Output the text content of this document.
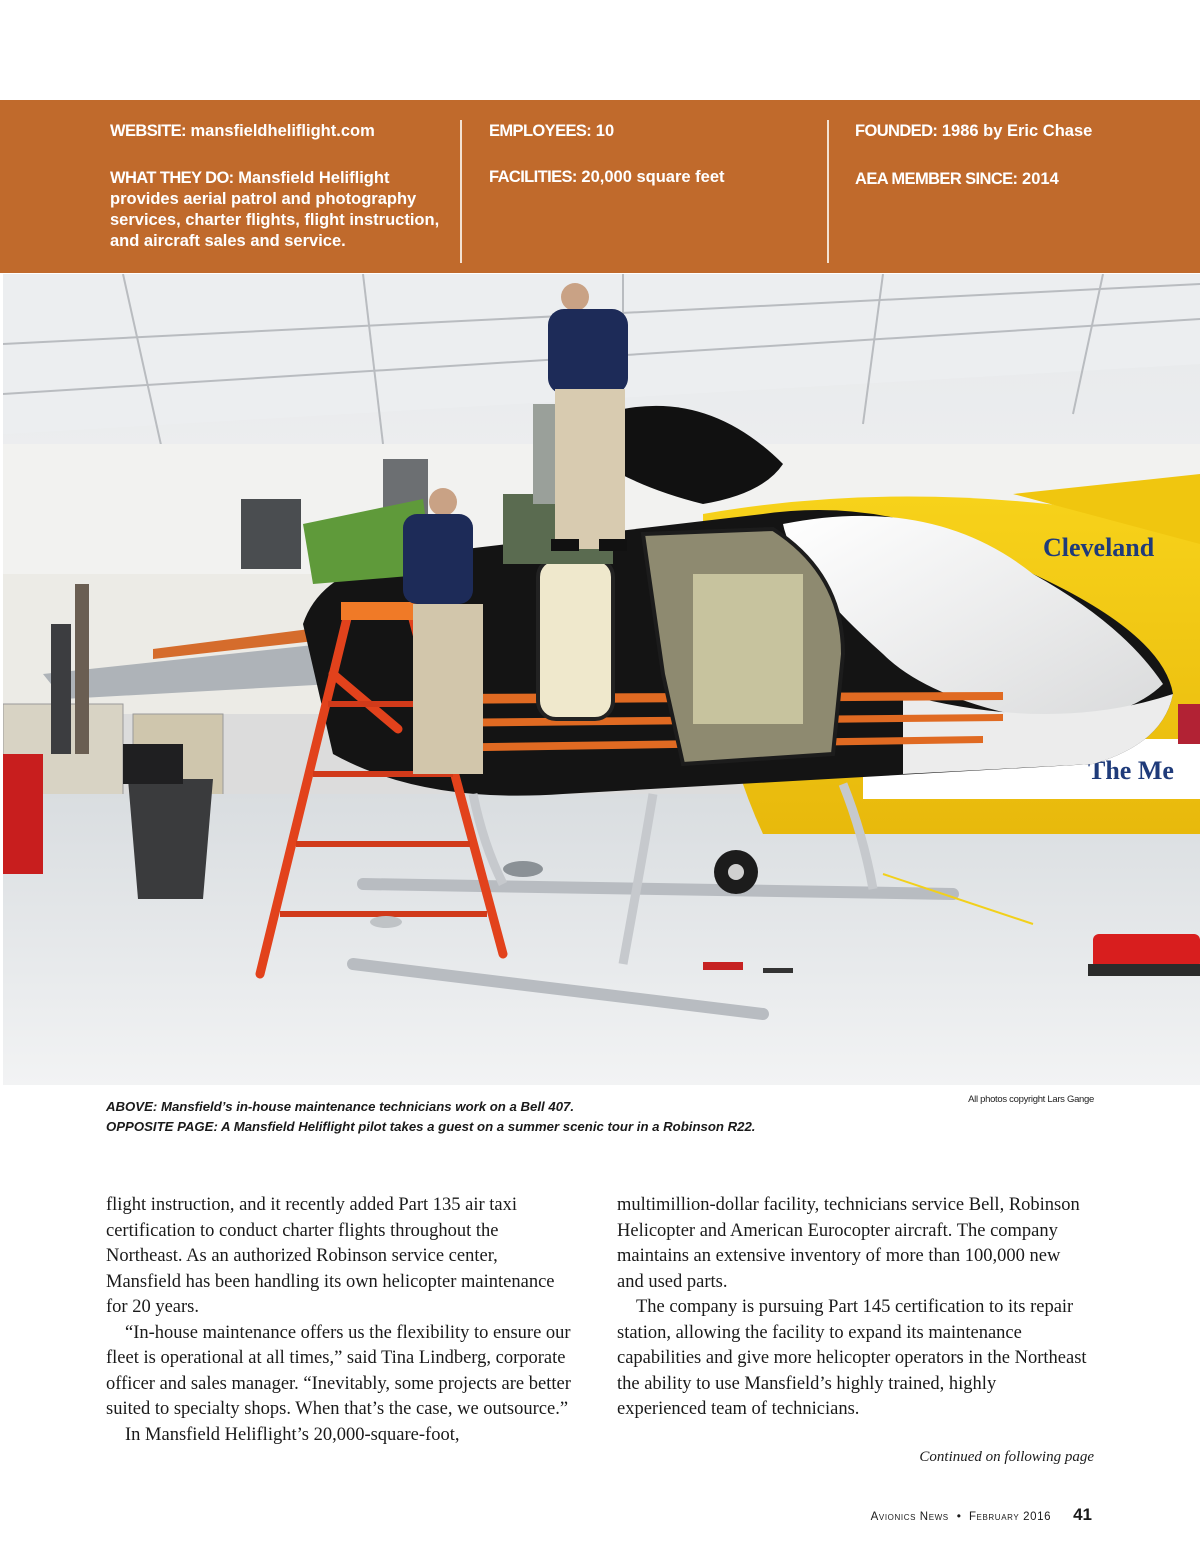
WEBSITE: mansfieldheliflight.com
WHAT THEY DO: Mansfield Heliflight
provides aerial patrol and photography
services, charter flights, flight instruction,
and aircraft sales and service.
EMPLOYEES: 10
FACILITIES: 20,000 square feet
FOUNDED: 1986 by Eric Chase
AEA MEMBER SINCE: 2014
Cleveland
The Me
ABOVE: Mansfield’s in-house maintenance technicians work on a Bell 407.
OPPOSITE PAGE: A Mansfield Heliflight pilot takes a guest on a summer scenic tour in a Robinson R22.
All photos copyright Lars Gange

flight instruction, and it recently added Part 135 air taxi certification to conduct charter flights throughout the Northeast. As an authorized Robinson service center, Mansfield has been handling its own helicopter maintenance for 20 years.

“In-house maintenance offers us the flexibility to ensure our fleet is operational at all times,” said Tina Lindberg, corporate officer and sales manager. “Inevitably, some projects are better suited to specialty shops. When that’s the case, we outsource.”

In Mansfield Heliflight’s 20,000-square-foot,

multimillion-dollar facility, technicians service Bell, Robinson Helicopter and American Eurocopter aircraft. The company maintains an extensive inventory of more than 100,000 new and used parts.

The company is pursuing Part 145 certification to its repair station, allowing the facility to expand its maintenance capabilities and give more helicopter operators in the Northeast the ability to use Mansfield’s highly trained, highly experienced team of technicians.

Continued on following page
Avionics News • February 2016 41
